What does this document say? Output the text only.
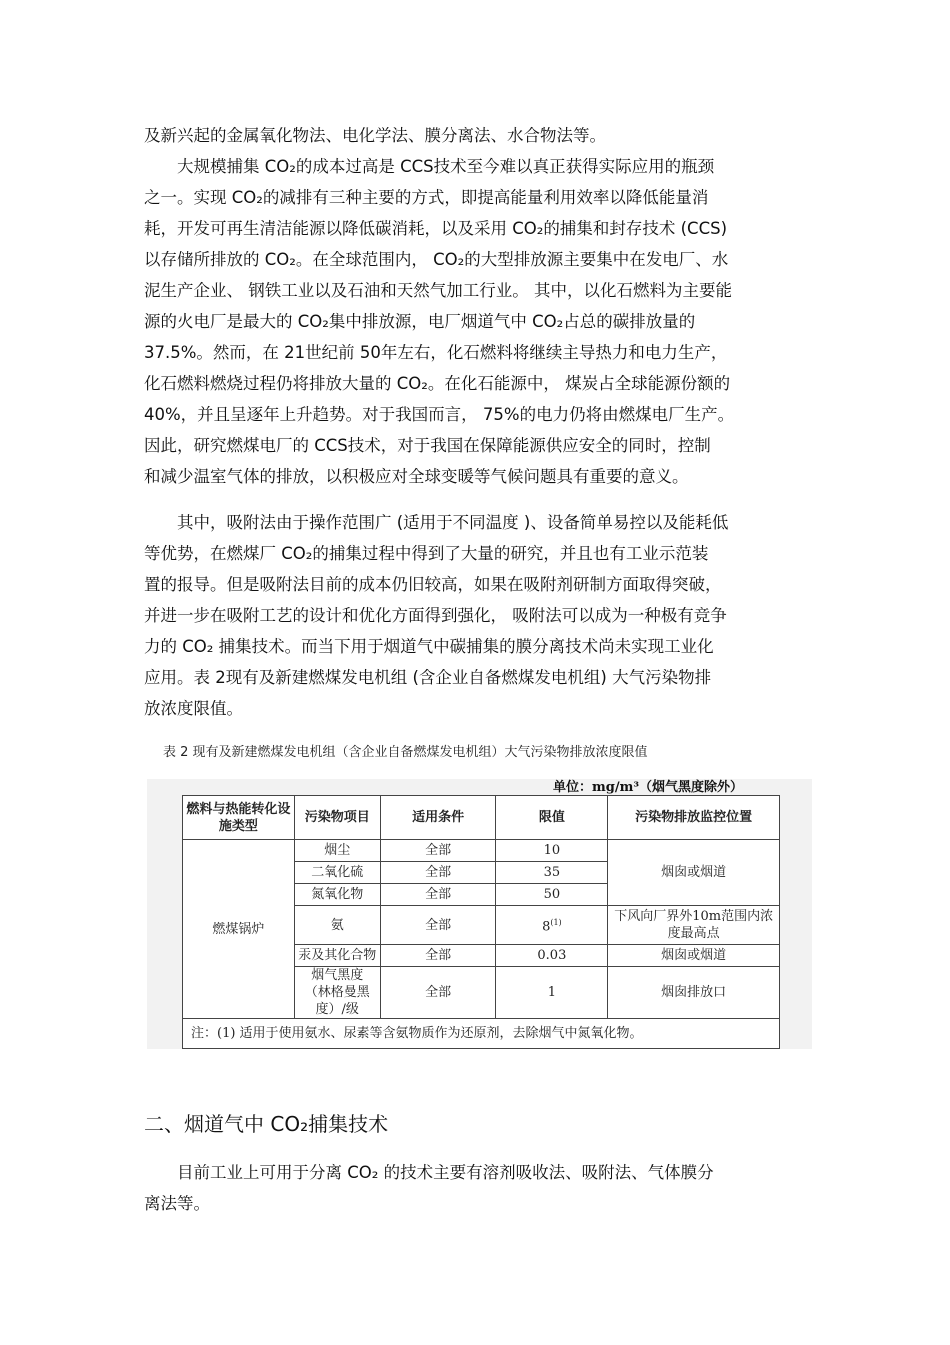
及新兴起的金属氧化物法、电化学法、膜分离法、水合物法等。
　　大规模捕集 CO₂的成本过高是 CCS技术至今难以真正获得实际应用的瓶颈
之一。实现 CO₂的减排有三种主要的方式，即提高能量利用效率以降低能量消
耗，开发可再生清洁能源以降低碳消耗，以及采用 CO₂的捕集和封存技术 (CCS)
以存储所排放的 CO₂。在全球范围内， CO₂的大型排放源主要集中在发电厂、水
泥生产企业、 钢铁工业以及石油和天然气加工行业。 其中，以化石燃料为主要能
源的火电厂是最大的 CO₂集中排放源，电厂烟道气中 CO₂占总的碳排放量的
37.5%。然而，在 21世纪前 50年左右，化石燃料将继续主导热力和电力生产，
化石燃料燃烧过程仍将排放大量的 CO₂。在化石能源中， 煤炭占全球能源份额的
40%，并且呈逐年上升趋势。对于我国而言， 75%的电力仍将由燃煤电厂生产。
因此，研究燃煤电厂的 CCS技术，对于我国在保障能源供应安全的同时，控制
和减少温室气体的排放，以积极应对全球变暖等气候问题具有重要的意义。
　　其中，吸附法由于操作范围广 (适用于不同温度 )、设备简单易控以及能耗低
等优势，在燃煤厂 CO₂的捕集过程中得到了大量的研究，并且也有工业示范装
置的报导。但是吸附法目前的成本仍旧较高，如果在吸附剂研制方面取得突破，
并进一步在吸附工艺的设计和优化方面得到强化， 吸附法可以成为一种极有竞争
力的 CO₂ 捕集技术。而当下用于烟道气中碳捕集的膜分离技术尚未实现工业化
应用。表 2现有及新建燃煤发电机组 (含企业自备燃煤发电机组) 大气污染物排
放浓度限值。
表 2 现有及新建燃煤发电机组（含企业自备燃煤发电机组）大气污染物排放浓度限值
单位：mg/m³（烟气黑度除外）
燃料与热能转化设施类型	污染物项目	适用条件	限值	污染物排放监控位置
燃煤锅炉	烟尘	全部	10	烟囱或烟道
	二氧化硫	全部	35	
	氮氧化物	全部	50	
	氨	全部	8$^{(1)}$	下风向厂界外10m范围内浓度最高点
	汞及其化合物	全部	0.03	烟囱或烟道
	烟气黑度（林格曼黑度）/级	全部	1	烟囱排放口
注：(1) 适用于使用氨水、尿素等含氨物质作为还原剂，去除烟气中氮氧化物。				
二、烟道气中 CO₂捕集技术
　　目前工业上可用于分离 CO₂ 的技术主要有溶剂吸收法、吸附法、气体膜分
离法等。
